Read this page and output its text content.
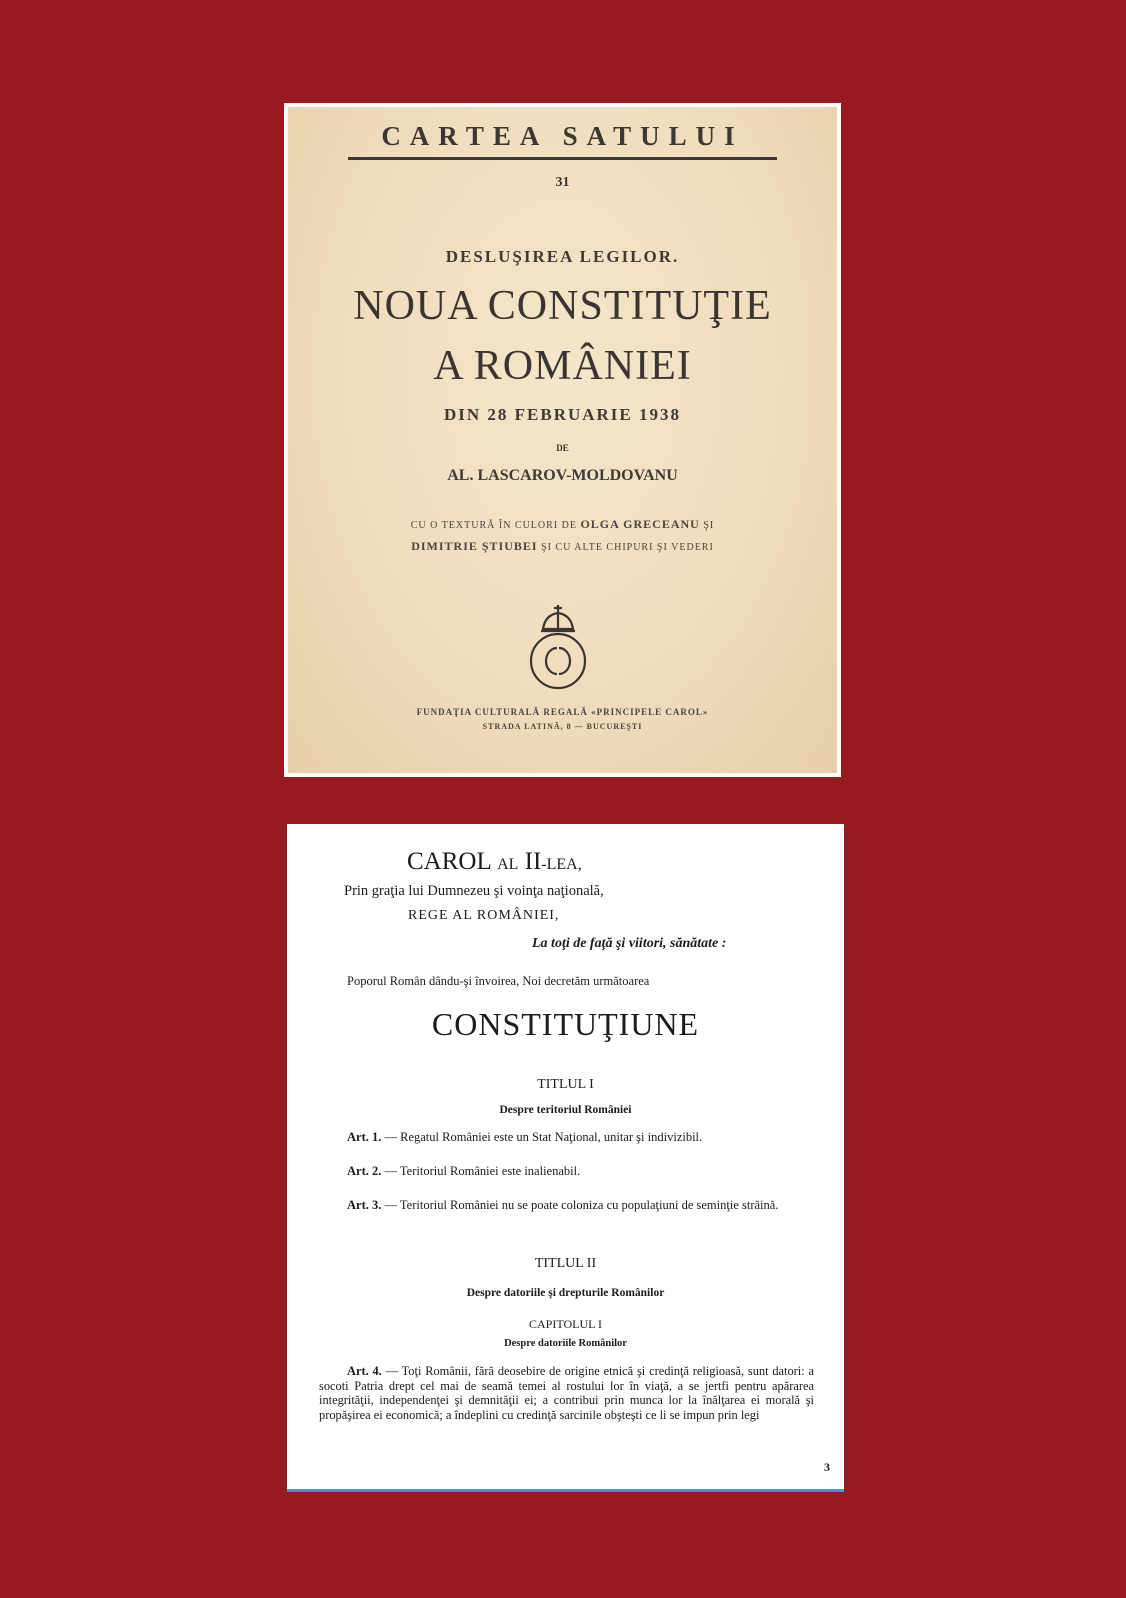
CARTEA SATULUI
31
DESLUŞIREA LEGILOR.
NOUA CONSTITUŢIE
A ROMÂNIEI
DIN 28 FEBRUARIE 1938
DE
AL. LASCAROV-MOLDOVANU
CU O TEXTURĂ ÎN CULORI DE OLGA GRECEANU ŞI
DIMITRIE ŞTIUBEI ŞI CU ALTE CHIPURI ŞI VEDERI
FUNDAŢIA CULTURALĂ REGALĂ «PRINCIPELE CAROL»
STRADA LATINĂ, 8 — BUCUREŞTI
CAROL AL II-LEA,
Prin graţia lui Dumnezeu şi voinţa naţională,
REGE AL ROMÂNIEI,
La toţi de faţă şi viitori, sănătate :
Poporul Român dându-şi învoirea, Noi decretăm următoarea
CONSTITUŢIUNE
TITLUL I
Despre teritoriul României

Art. 1. — Regatul României este un Stat Naţional, unitar şi indivizibil.

Art. 2. — Teritoriul României este inalienabil.

Art. 3. — Teritoriul României nu se poate coloniza cu populaţiuni de seminţie străină.

TITLUL II
Despre datoriile şi drepturile Românilor
CAPITOLUL I
Despre datoriile Românilor

Art. 4. — Toţi Românii, fără deosebire de origine etnică şi credinţă religioasă, sunt datori: a socoti Patria drept cel mai de seamă temei al rostului lor în viaţă, a se jertfi pentru apărarea integrităţii, independenţei şi demnităţii ei; a contribui prin munca lor la înălţarea ei morală şi propăşirea ei economică; a îndeplini cu credinţă sarcinile obşteşti ce li se impun prin legi

3
